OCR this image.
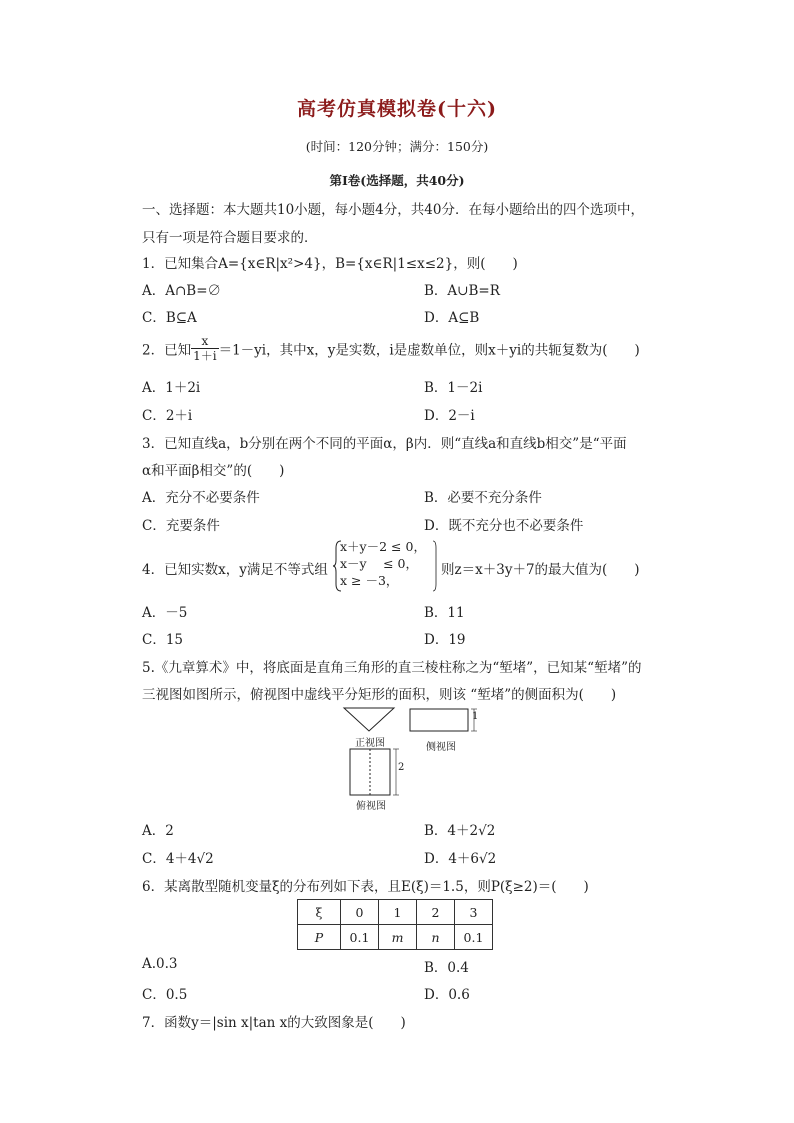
高考仿真模拟卷(十六)
(时间：120分钟；满分：150分)
第Ⅰ卷(选择题，共40分)
一、选择题：本大题共10小题，每小题4分，共40分．在每小题给出的四个选项中，
只有一项是符合题目要求的．
1．已知集合A={x∈R|x²>4}，B={x∈R|1≤x≤2}，则(　　)
A．A∩B=∅	B．A∪B=R
C．B⊆A	D．A⊆B
2．已知 $\frac{x}{1+i} =1-yi$，其中x，y是实数，i是虚数单位，则x＋yi的共轭复数为(　　)
A．1＋2i	B．1－2i
C．2＋i	D．2－i
3．已知直线a，b分别在两个不同的平面α，β内．则“直线a和直线b相交”是“平面
α和平面β相交”的(　　)
A．充分不必要条件	B．必要不充分条件
C．充要条件	D．既不充分也不必要条件
4．已知实数x，y满足不等式组
x＋y－2 ≤ 0，
x－y 　≤ 0，
x ≥ －3，
则z＝x＋3y＋7的最大值为(　　)
A．－5	B．11
C．15	D．19
5.《九章算术》中，将底面是直角三角形的直三棱柱称之为“堑堵”，已知某“堑堵”的
三视图如图所示，俯视图中虚线平分矩形的面积，则该 “堑堵”的侧面积为(　　)
正视图	侧视图
俯视图
1
2
A．2	B．4＋2√2
C．4＋4√2	D．4＋6√2
6．某离散型随机变量ξ的分布列如下表，且E(ξ)＝1.5，则P(ξ≥2)＝(　　)
ξ	0	1	2	3
P	0.1	m	n	0.1
A.0.3	B．0.4
C．0.5	D．0.6
7．函数y＝|sin x|tan x的大致图象是(　　)
